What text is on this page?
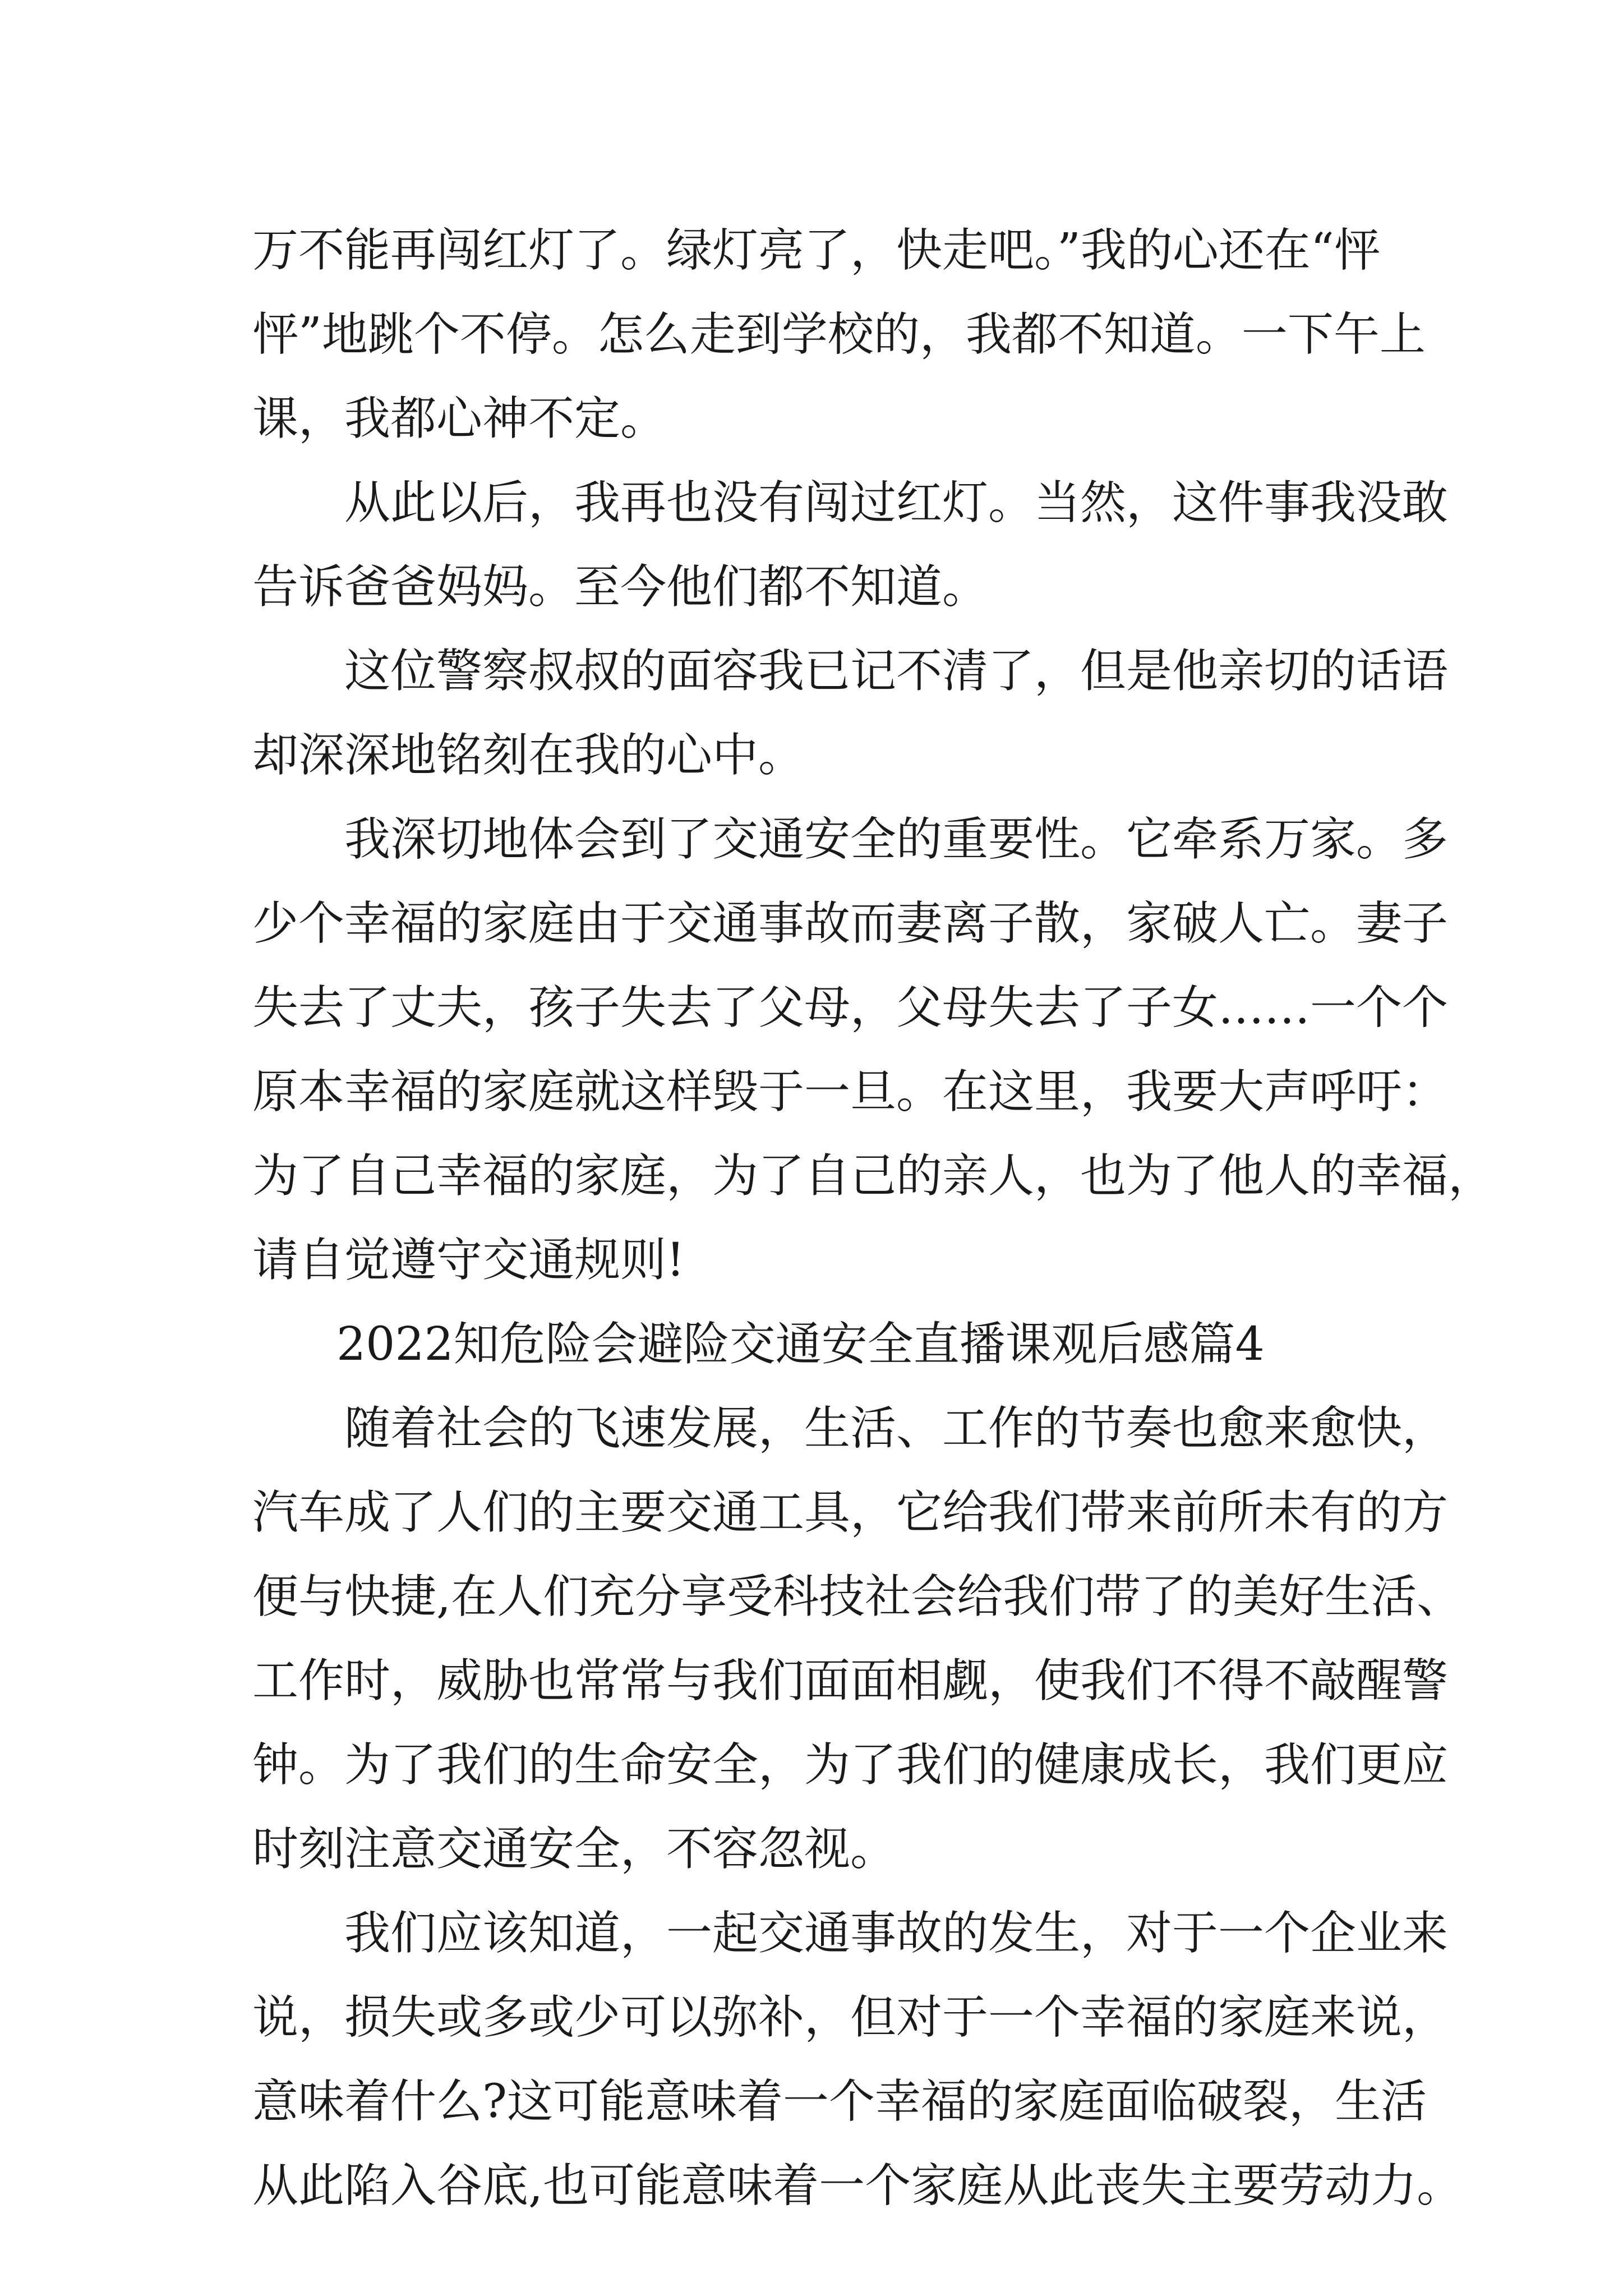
万不能再闯红灯了。绿灯亮了，快走吧。”我的心还在“怦
怦”地跳个不停。怎么走到学校的，我都不知道。一下午上
课，我都心神不定。
从此以后，我再也没有闯过红灯。当然，这件事我没敢
告诉爸爸妈妈。至今他们都不知道。
这位警察叔叔的面容我已记不清了，但是他亲切的话语
却深深地铭刻在我的心中。
我深切地体会到了交通安全的重要性。它牵系万家。多
少个幸福的家庭由于交通事故而妻离子散，家破人亡。妻子
失去了丈夫，孩子失去了父母，父母失去了子女……一个个
原本幸福的家庭就这样毁于一旦。在这里，我要大声呼吁：
为了自己幸福的家庭，为了自己的亲人，也为了他人的幸福，
请自觉遵守交通规则!
2022知危险会避险交通安全直播课观后感篇4
随着社会的飞速发展，生活、工作的节奏也愈来愈快，
汽车成了人们的主要交通工具，它给我们带来前所未有的方
便与快捷,在人们充分享受科技社会给我们带了的美好生活、
工作时，威胁也常常与我们面面相觑，使我们不得不敲醒警
钟。为了我们的生命安全，为了我们的健康成长，我们更应
时刻注意交通安全，不容忽视。
我们应该知道，一起交通事故的发生，对于一个企业来
说，损失或多或少可以弥补，但对于一个幸福的家庭来说，
意味着什么?这可能意味着一个幸福的家庭面临破裂，生活
从此陷入谷底,也可能意味着一个家庭从此丧失主要劳动力。
